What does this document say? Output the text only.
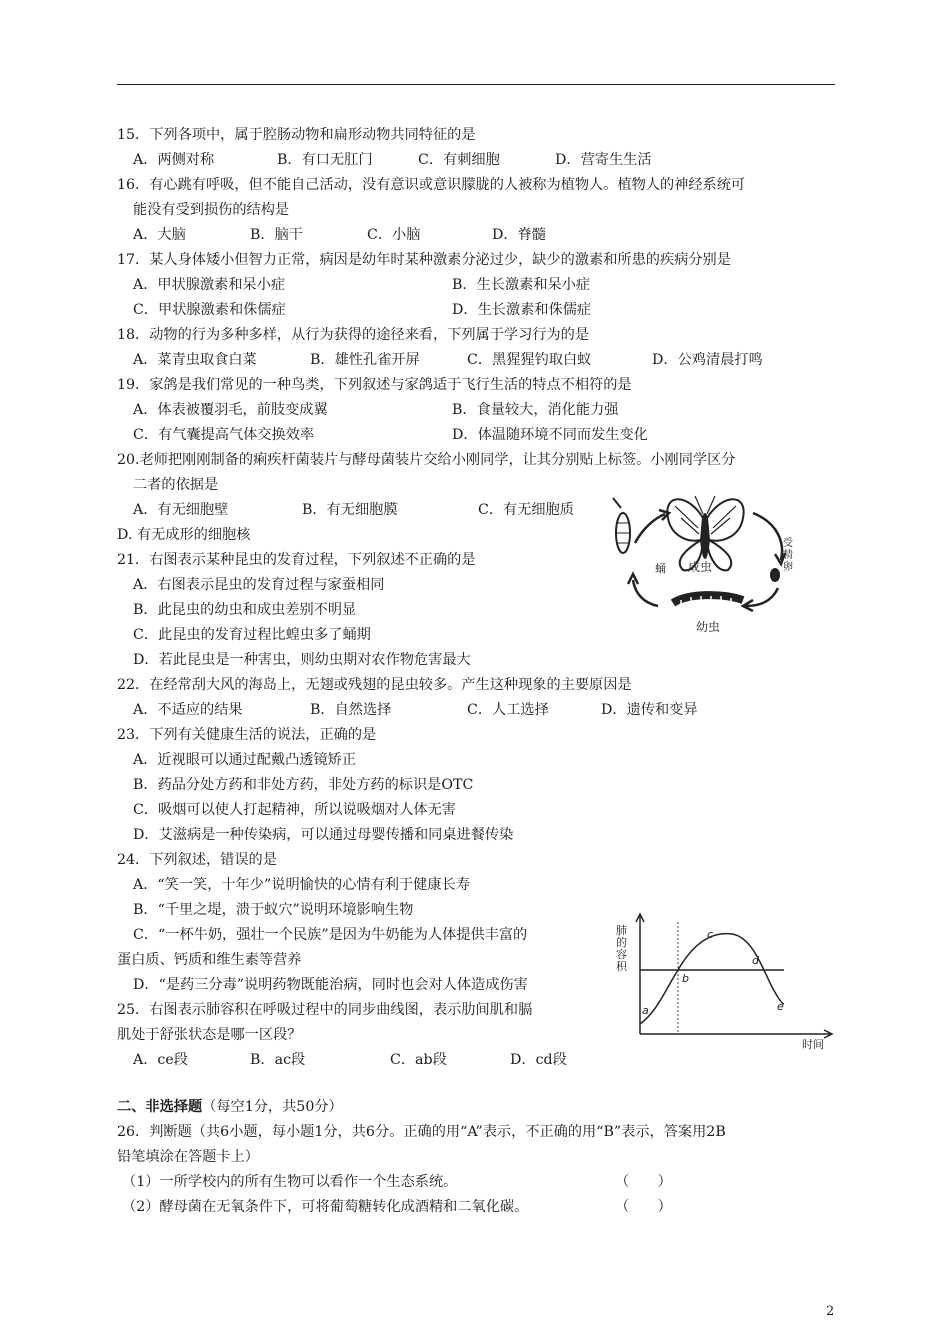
15．下列各项中，属于腔肠动物和扁形动物共同特征的是
A．两侧对称	B．有口无肛门	C．有刺细胞	D．营寄生生活
16．有心跳有呼吸，但不能自己活动，没有意识或意识朦胧的人被称为植物人。植物人的神经系统可
能没有受到损伤的结构是
A．大脑	B．脑干	C．小脑	D．脊髓
17．某人身体矮小但智力正常，病因是幼年时某种激素分泌过少，缺少的激素和所患的疾病分别是
A．甲状腺激素和呆小症	B．生长激素和呆小症
C．甲状腺激素和侏儒症	D．生长激素和侏儒症
18．动物的行为多种多样，从行为获得的途径来看，下列属于学习行为的是
A．菜青虫取食白菜	B．雄性孔雀开屏	C．黑猩猩钓取白蚁	D．公鸡清晨打鸣
19．家鸽是我们常见的一种鸟类，下列叙述与家鸽适于飞行生活的特点不相符的是
A．体表被覆羽毛，前肢变成翼	B．食量较大，消化能力强
C．有气囊提高气体交换效率	D．体温随环境不同而发生变化
20.老师把刚刚制备的痢疾杆菌装片与酵母菌装片交给小刚同学，让其分别贴上标签。小刚同学区分
二者的依据是
A．有无细胞壁	B．有无细胞膜	C．有无细胞质
D. 有无成形的细胞核
21．右图表示某种昆虫的发育过程，下列叙述不正确的是
A．右图表示昆虫的发育过程与家蚕相同
B．此昆虫的幼虫和成虫差别不明显
C．此昆虫的发育过程比蝗虫多了蛹期
D．若此昆虫是一种害虫，则幼虫期对农作物危害最大
成虫
蛹
受
精
卵
幼虫
22．在经常刮大风的海岛上，无翅或残翅的昆虫较多。产生这种现象的主要原因是
A．不适应的结果	B．自然选择	C．人工选择	D．遗传和变异
23．下列有关健康生活的说法，正确的是
A．近视眼可以通过配戴凸透镜矫正
B．药品分处方药和非处方药，非处方药的标识是OTC
C．吸烟可以使人打起精神，所以说吸烟对人体无害
D．艾滋病是一种传染病，可以通过母婴传播和同桌进餐传染
24．下列叙述，错误的是
A．“笑一笑，十年少”说明愉快的心情有利于健康长寿
B．“千里之堤，溃于蚁穴”说明环境影响生物
C．“一杯牛奶，强壮一个民族”是因为牛奶能为人体提供丰富的
蛋白质、钙质和维生素等营养
D．“是药三分毒”说明药物既能治病，同时也会对人体造成伤害
25．右图表示肺容积在呼吸过程中的同步曲线图，表示肋间肌和膈
肌处于舒张状态是哪一区段？
A．ce段	B．ac段	C．ab段	D．cd段
肺
的
容
积
a
b
c
d
e
时间
二、非选择题（每空1分，共50分）
26．判断题（共6小题，每小题1分，共6分。正确的用“A”表示，不正确的用“B”表示，答案用2B
铅笔填涂在答题卡上）
（1）一所学校内的所有生物可以看作一个生态系统。	（　　）
（2）酵母菌在无氧条件下，可将葡萄糖转化成酒精和二氧化碳。	（　　）
2
